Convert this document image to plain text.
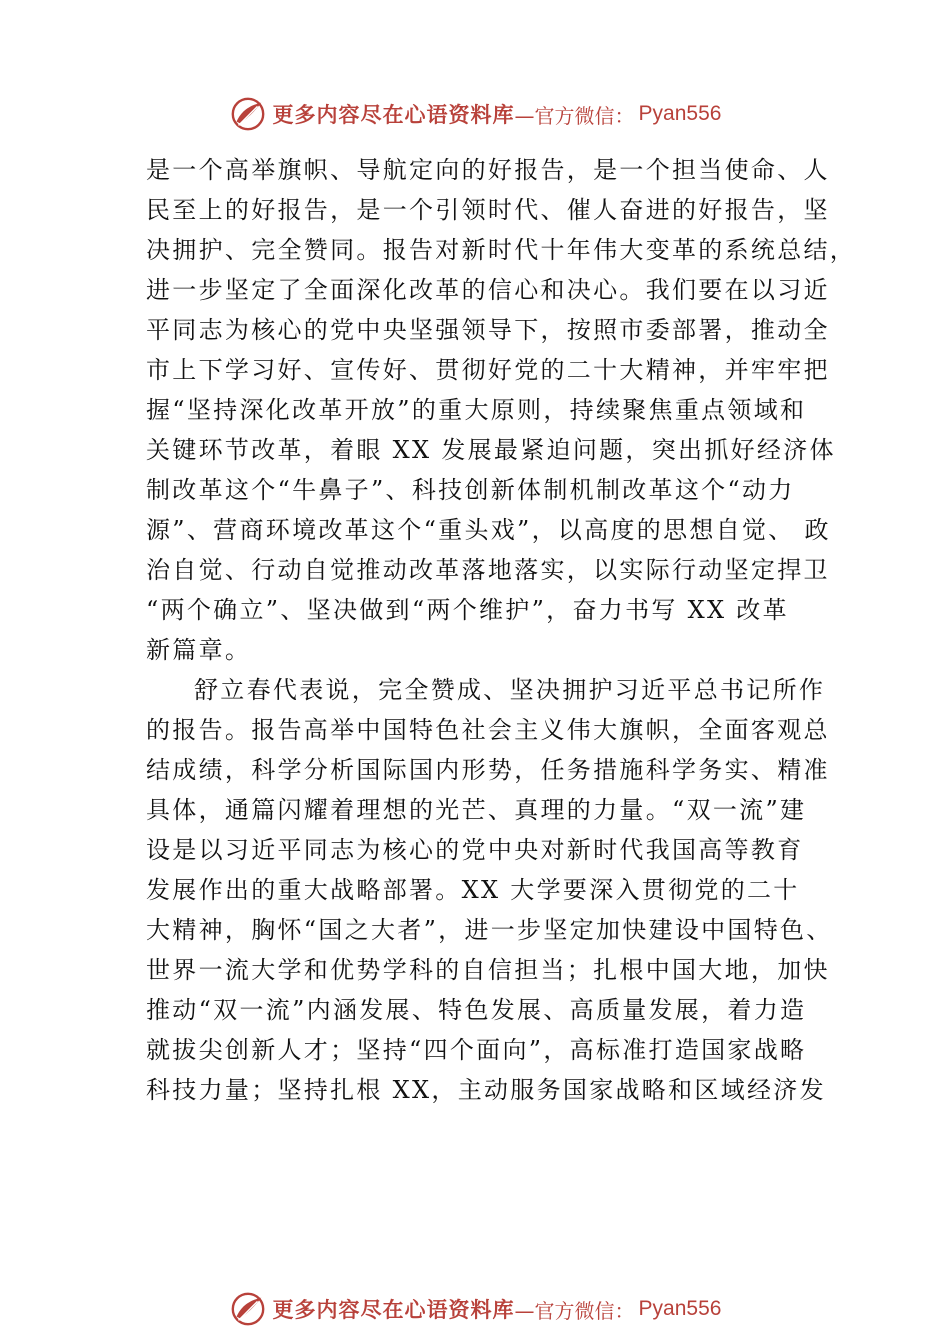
更多内容尽在心语资料库 —官方微信： Pyan556
是一个高举旗帜、导航定向的好报告，是一个担当使命、人
民至上的好报告，是一个引领时代、催人奋进的好报告，坚
决拥护、完全赞同。报告对新时代十年伟大变革的系统总结，
进一步坚定了全面深化改革的信心和决心。我们要在以习近
平同志为核心的党中央坚强领导下，按照市委部署，推动全
市上下学习好、宣传好、贯彻好党的二十大精神，并牢牢把
握“坚持深化改革开放”的重大原则，持续聚焦重点领域和
关键环节改革，着眼 XX 发展最紧迫问题，突出抓好经济体
制改革这个“牛鼻子”、科技创新体制机制改革这个“动力
源”、营商环境改革这个“重头戏”，以高度的思想自觉、 政
治自觉、行动自觉推动改革落地落实，以实际行动坚定捍卫
“两个确立”、坚决做到“两个维护”，奋力书写 XX 改革
新篇章。
舒立春代表说，完全赞成、坚决拥护习近平总书记所作
的报告。报告高举中国特色社会主义伟大旗帜，全面客观总
结成绩，科学分析国际国内形势，任务措施科学务实、精准
具体，通篇闪耀着理想的光芒、真理的力量。“双一流”建
设是以习近平同志为核心的党中央对新时代我国高等教育
发展作出的重大战略部署。XX 大学要深入贯彻党的二十
大精神，胸怀“国之大者”，进一步坚定加快建设中国特色、
世界一流大学和优势学科的自信担当；扎根中国大地，加快
推动“双一流”内涵发展、特色发展、高质量发展，着力造
就拔尖创新人才；坚持“四个面向”，高标准打造国家战略
科技力量；坚持扎根 XX，主动服务国家战略和区域经济发
更多内容尽在心语资料库 —官方微信： Pyan556
